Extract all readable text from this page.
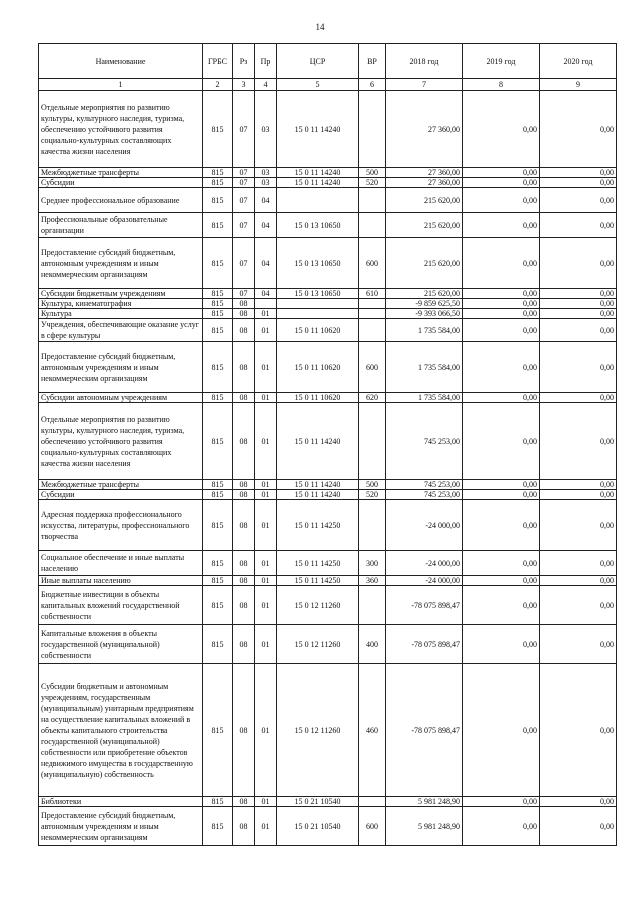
14
Наименование	ГРБС	Рз	Пр	ЦСР	ВР	2018 год	2019 год	2020 год
1	2	3	4	5	6	7	8	9
Отдельные мероприятия по развитию культуры, культурного наследия, туризма, обеспечению устойчивого развития социально-культурных составляющих качества жизни населения	815	07	03	15 0 11 14240		27 360,00	0,00	0,00
Межбюджетные трансферты	815	07	03	15 0 11 14240	500	27 360,00	0,00	0,00
Субсидии	815	07	03	15 0 11 14240	520	27 360,00	0,00	0,00
Среднее профессиональное образование	815	07	04			215 620,00	0,00	0,00
Профессиональные образовательные организации	815	07	04	15 0 13 10650		215 620,00	0,00	0,00
Предоставление субсидий бюджетным, автономным учреждениям и иным некоммерческим организациям	815	07	04	15 0 13 10650	600	215 620,00	0,00	0,00
Субсидии бюджетным учреждениям	815	07	04	15 0 13 10650	610	215 620,00	0,00	0,00
Культура, кинематография	815	08				-9 859 625,50	0,00	0,00
Культура	815	08	01			-9 393 066,50	0,00	0,00
Учреждения, обеспечивающие оказание услуг в сфере культуры	815	08	01	15 0 11 10620		1 735 584,00	0,00	0,00
Предоставление субсидий бюджетным, автономным учреждениям и иным некоммерческим организациям	815	08	01	15 0 11 10620	600	1 735 584,00	0,00	0,00
Субсидии автономным учреждениям	815	08	01	15 0 11 10620	620	1 735 584,00	0,00	0,00
Отдельные мероприятия по развитию культуры, культурного наследия, туризма, обеспечению устойчивого развития социально-культурных составляющих качества жизни населения	815	08	01	15 0 11 14240		745 253,00	0,00	0,00
Межбюджетные трансферты	815	08	01	15 0 11 14240	500	745 253,00	0,00	0,00
Субсидии	815	08	01	15 0 11 14240	520	745 253,00	0,00	0,00
Адресная поддержка профессионального искусства, литературы, профессионального творчества	815	08	01	15 0 11 14250		-24 000,00	0,00	0,00
Социальное обеспечение и иные выплаты населению	815	08	01	15 0 11 14250	300	-24 000,00	0,00	0,00
Иные выплаты населению	815	08	01	15 0 11 14250	360	-24 000,00	0,00	0,00
Бюджетные инвестиции в объекты капитальных вложений государственной собственности	815	08	01	15 0 12 11260		-78 075 898,47	0,00	0,00
Капитальные вложения в объекты государственной (муниципальной) собственности	815	08	01	15 0 12 11260	400	-78 075 898,47	0,00	0,00
Субсидии бюджетным и автономным учреждениям, государственным (муниципальным) унитарным предприятиям на осуществление капитальных вложений в объекты капитального строительства государственной (муниципальной) собственности или приобретение объектов недвижимого имущества в государственную (муниципальную) собственность	815	08	01	15 0 12 11260	460	-78 075 898,47	0,00	0,00
Библиотеки	815	08	01	15 0 21 10540		5 981 248,90	0,00	0,00
Предоставление субсидий бюджетным, автономным учреждениям и иным некоммерческим организациям	815	08	01	15 0 21 10540	600	5 981 248,90	0,00	0,00
